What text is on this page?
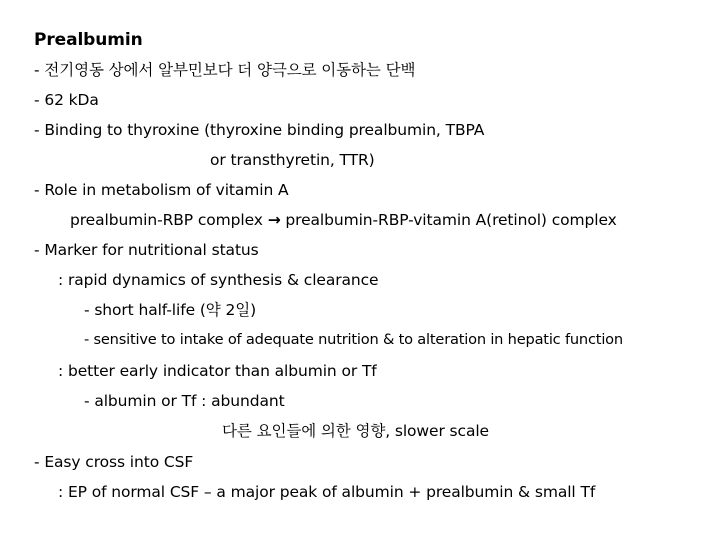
Prealbumin
- 전기영동 상에서 알부민보다 더 양극으로 이동하는 단백
- 62 kDa
- Binding to thyroxine (thyroxine binding prealbumin, TBPA
or transthyretin, TTR)
- Role in metabolism of vitamin A
prealbumin-RBP complex → prealbumin-RBP-vitamin A(retinol) complex
- Marker for nutritional status
: rapid dynamics of synthesis & clearance
- short half-life (약 2일)
- sensitive to intake of adequate nutrition & to alteration in hepatic function
: better early indicator than albumin or Tf
- albumin or Tf : abundant
다른 요인들에 의한 영향, slower scale
- Easy cross into CSF
: EP of normal CSF – a major peak of albumin + prealbumin & small Tf
